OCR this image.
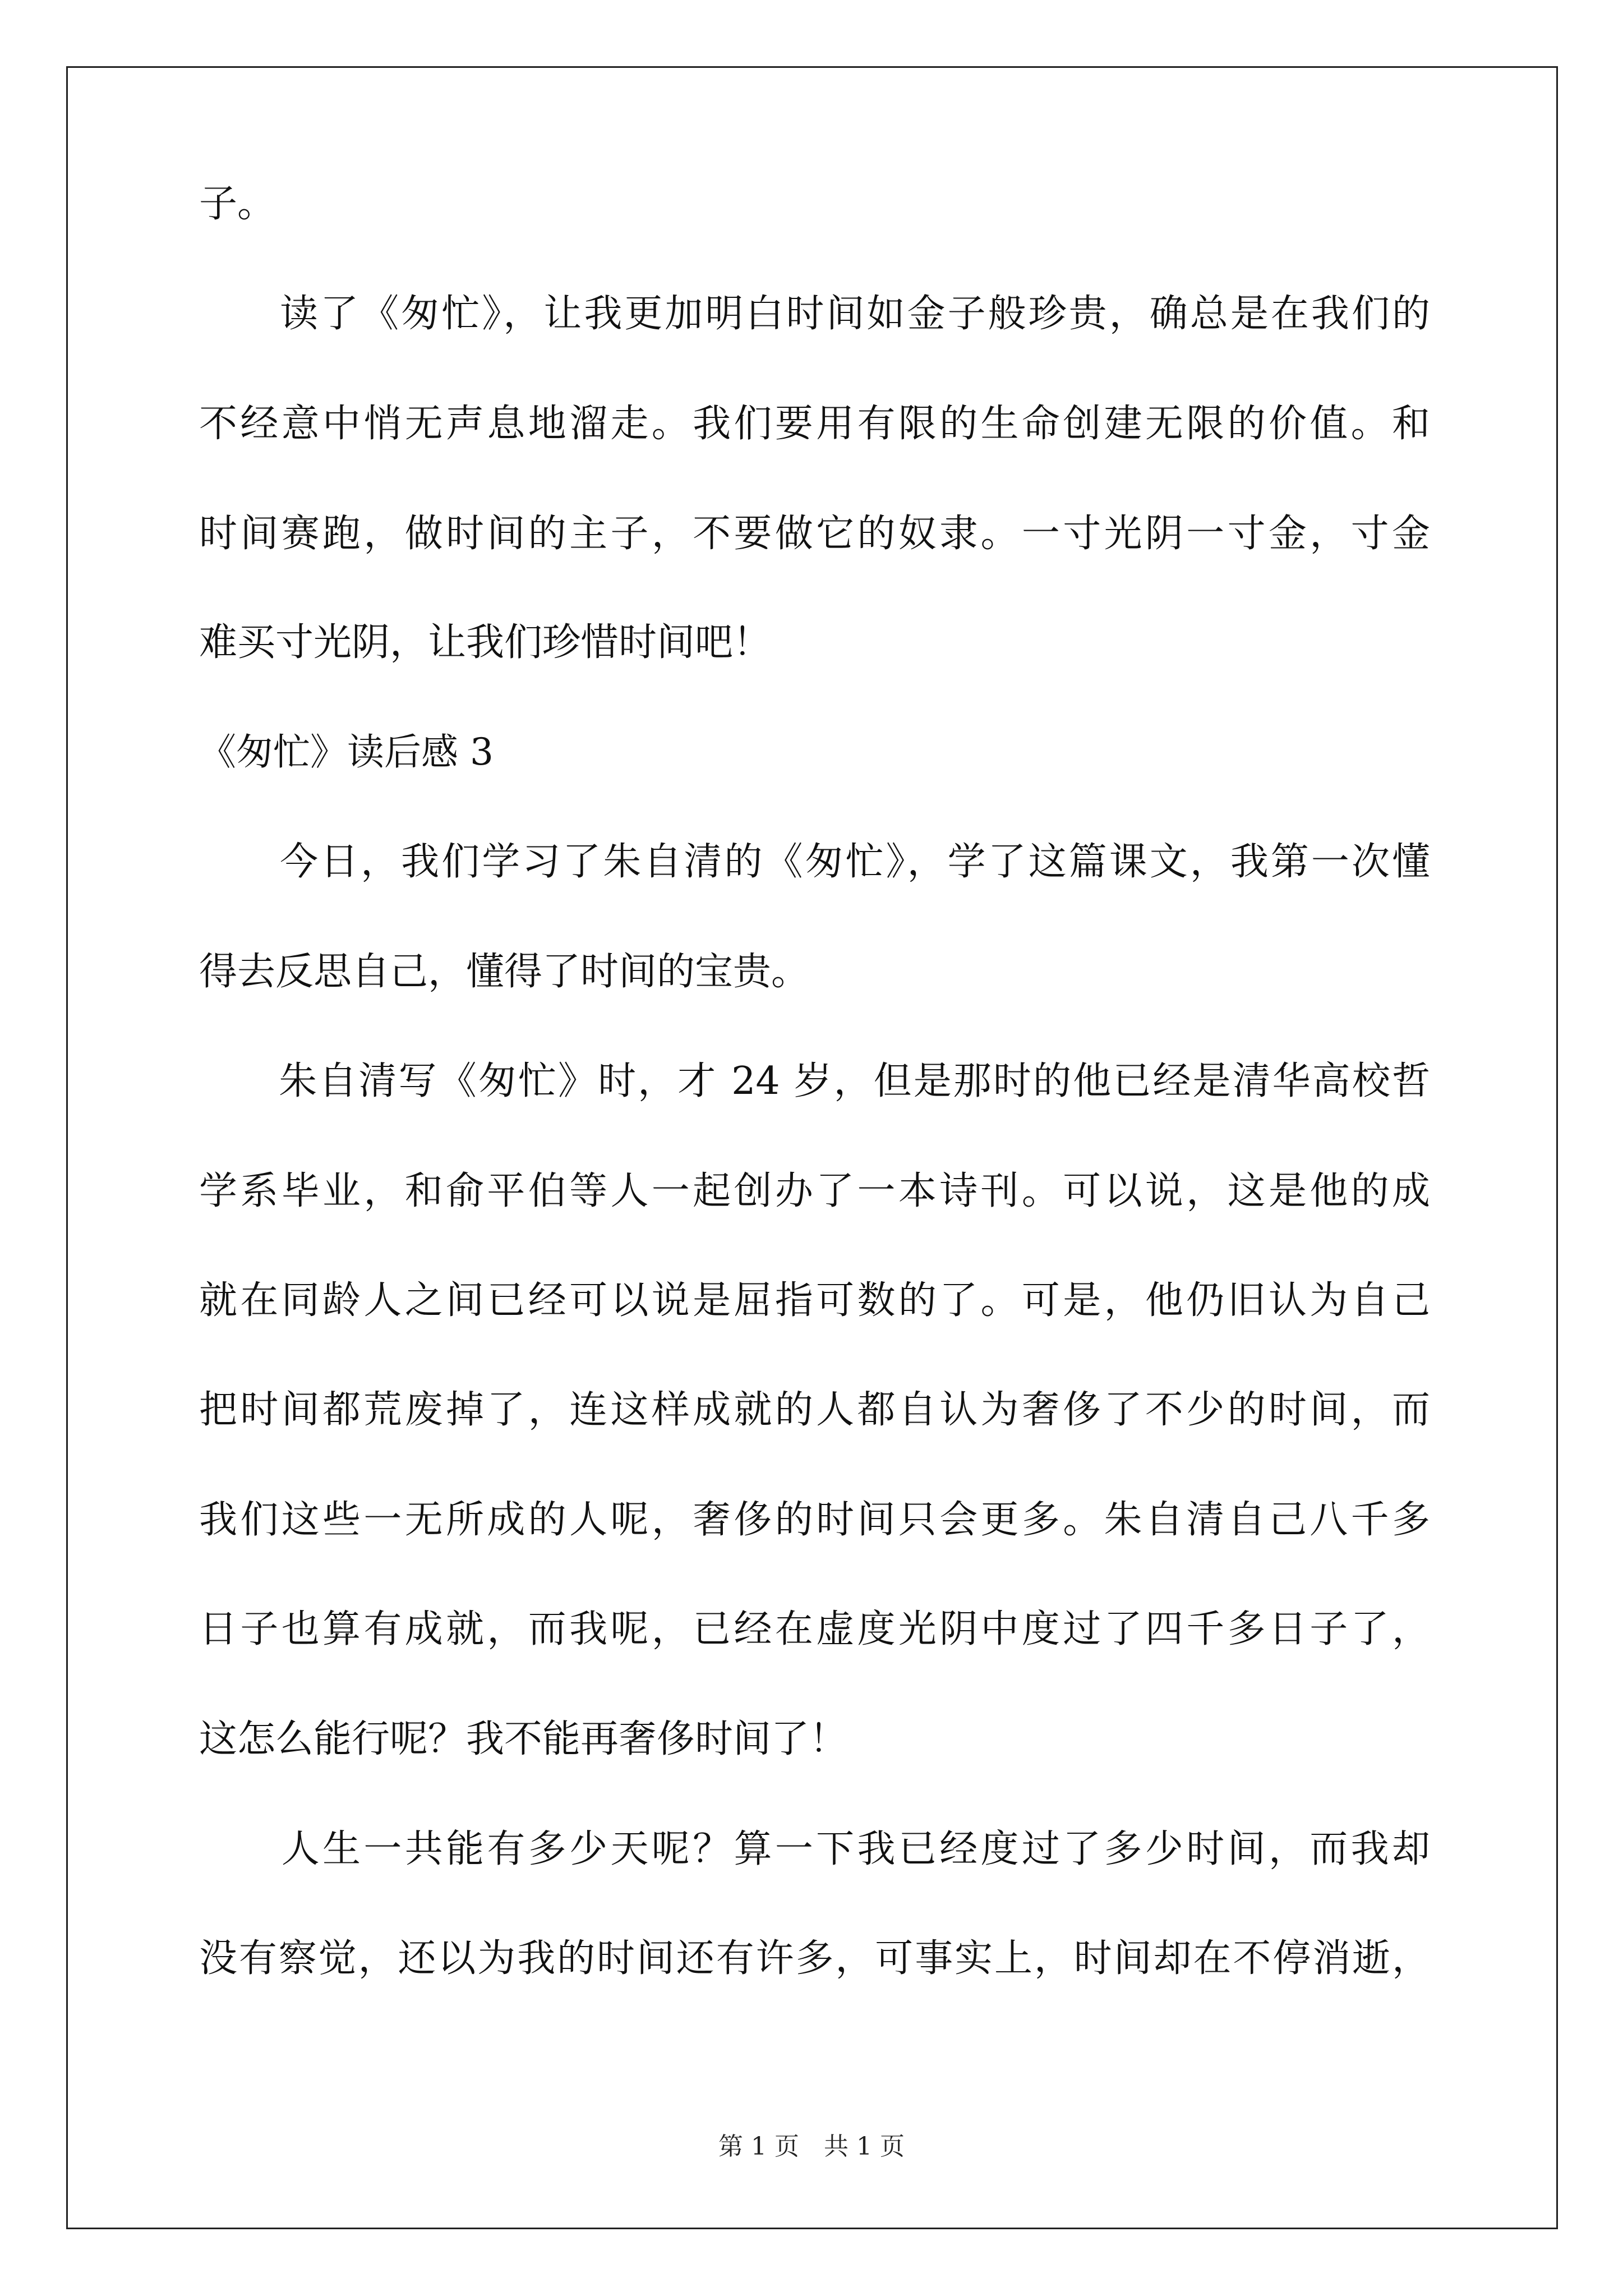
子。
　　读了《匆忙》，让我更加明白时间如金子般珍贵，确总是在我们的
不经意中悄无声息地溜走。我们要用有限的生命创建无限的价值。和
时间赛跑，做时间的主子，不要做它的奴隶。一寸光阴一寸金，寸金
难买寸光阴，让我们珍惜时间吧！
《匆忙》读后感 3
　　今日，我们学习了朱自清的《匆忙》，学了这篇课文，我第一次懂
得去反思自己，懂得了时间的宝贵。
　　朱自清写《匆忙》时，才 24 岁，但是那时的他已经是清华高校哲
学系毕业，和俞平伯等人一起创办了一本诗刊。可以说，这是他的成
就在同龄人之间已经可以说是屈指可数的了。可是，他仍旧认为自己
把时间都荒废掉了，连这样成就的人都自认为奢侈了不少的时间，而
我们这些一无所成的人呢，奢侈的时间只会更多。朱自清自己八千多
日子也算有成就，而我呢，已经在虚度光阴中度过了四千多日子了，
这怎么能行呢？我不能再奢侈时间了！
　　人生一共能有多少天呢？算一下我已经度过了多少时间，而我却
没有察觉，还以为我的时间还有许多，可事实上，时间却在不停消逝，
第 1 页　共 1 页
